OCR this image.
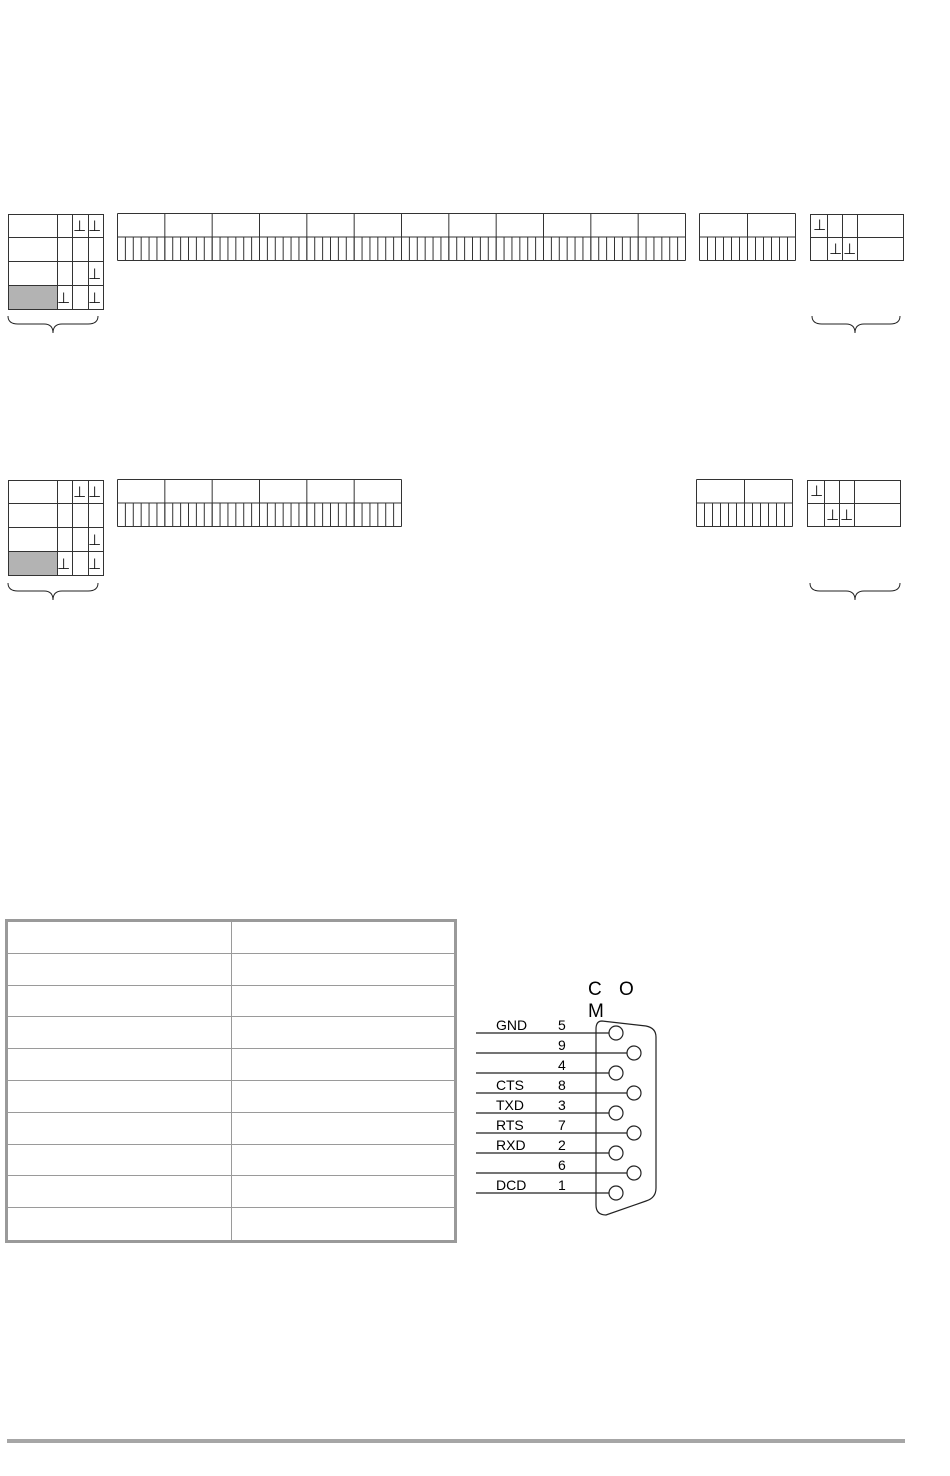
⊥ ⊥
⊥
⊥ ⊥

⊥
⊥ ⊥

⊥ ⊥
⊥
⊥ ⊥

⊥
⊥ ⊥
C O M
GND 5
9
4
CTS 8
TXD 3
RTS 7
RXD 2
6
DCD 1
